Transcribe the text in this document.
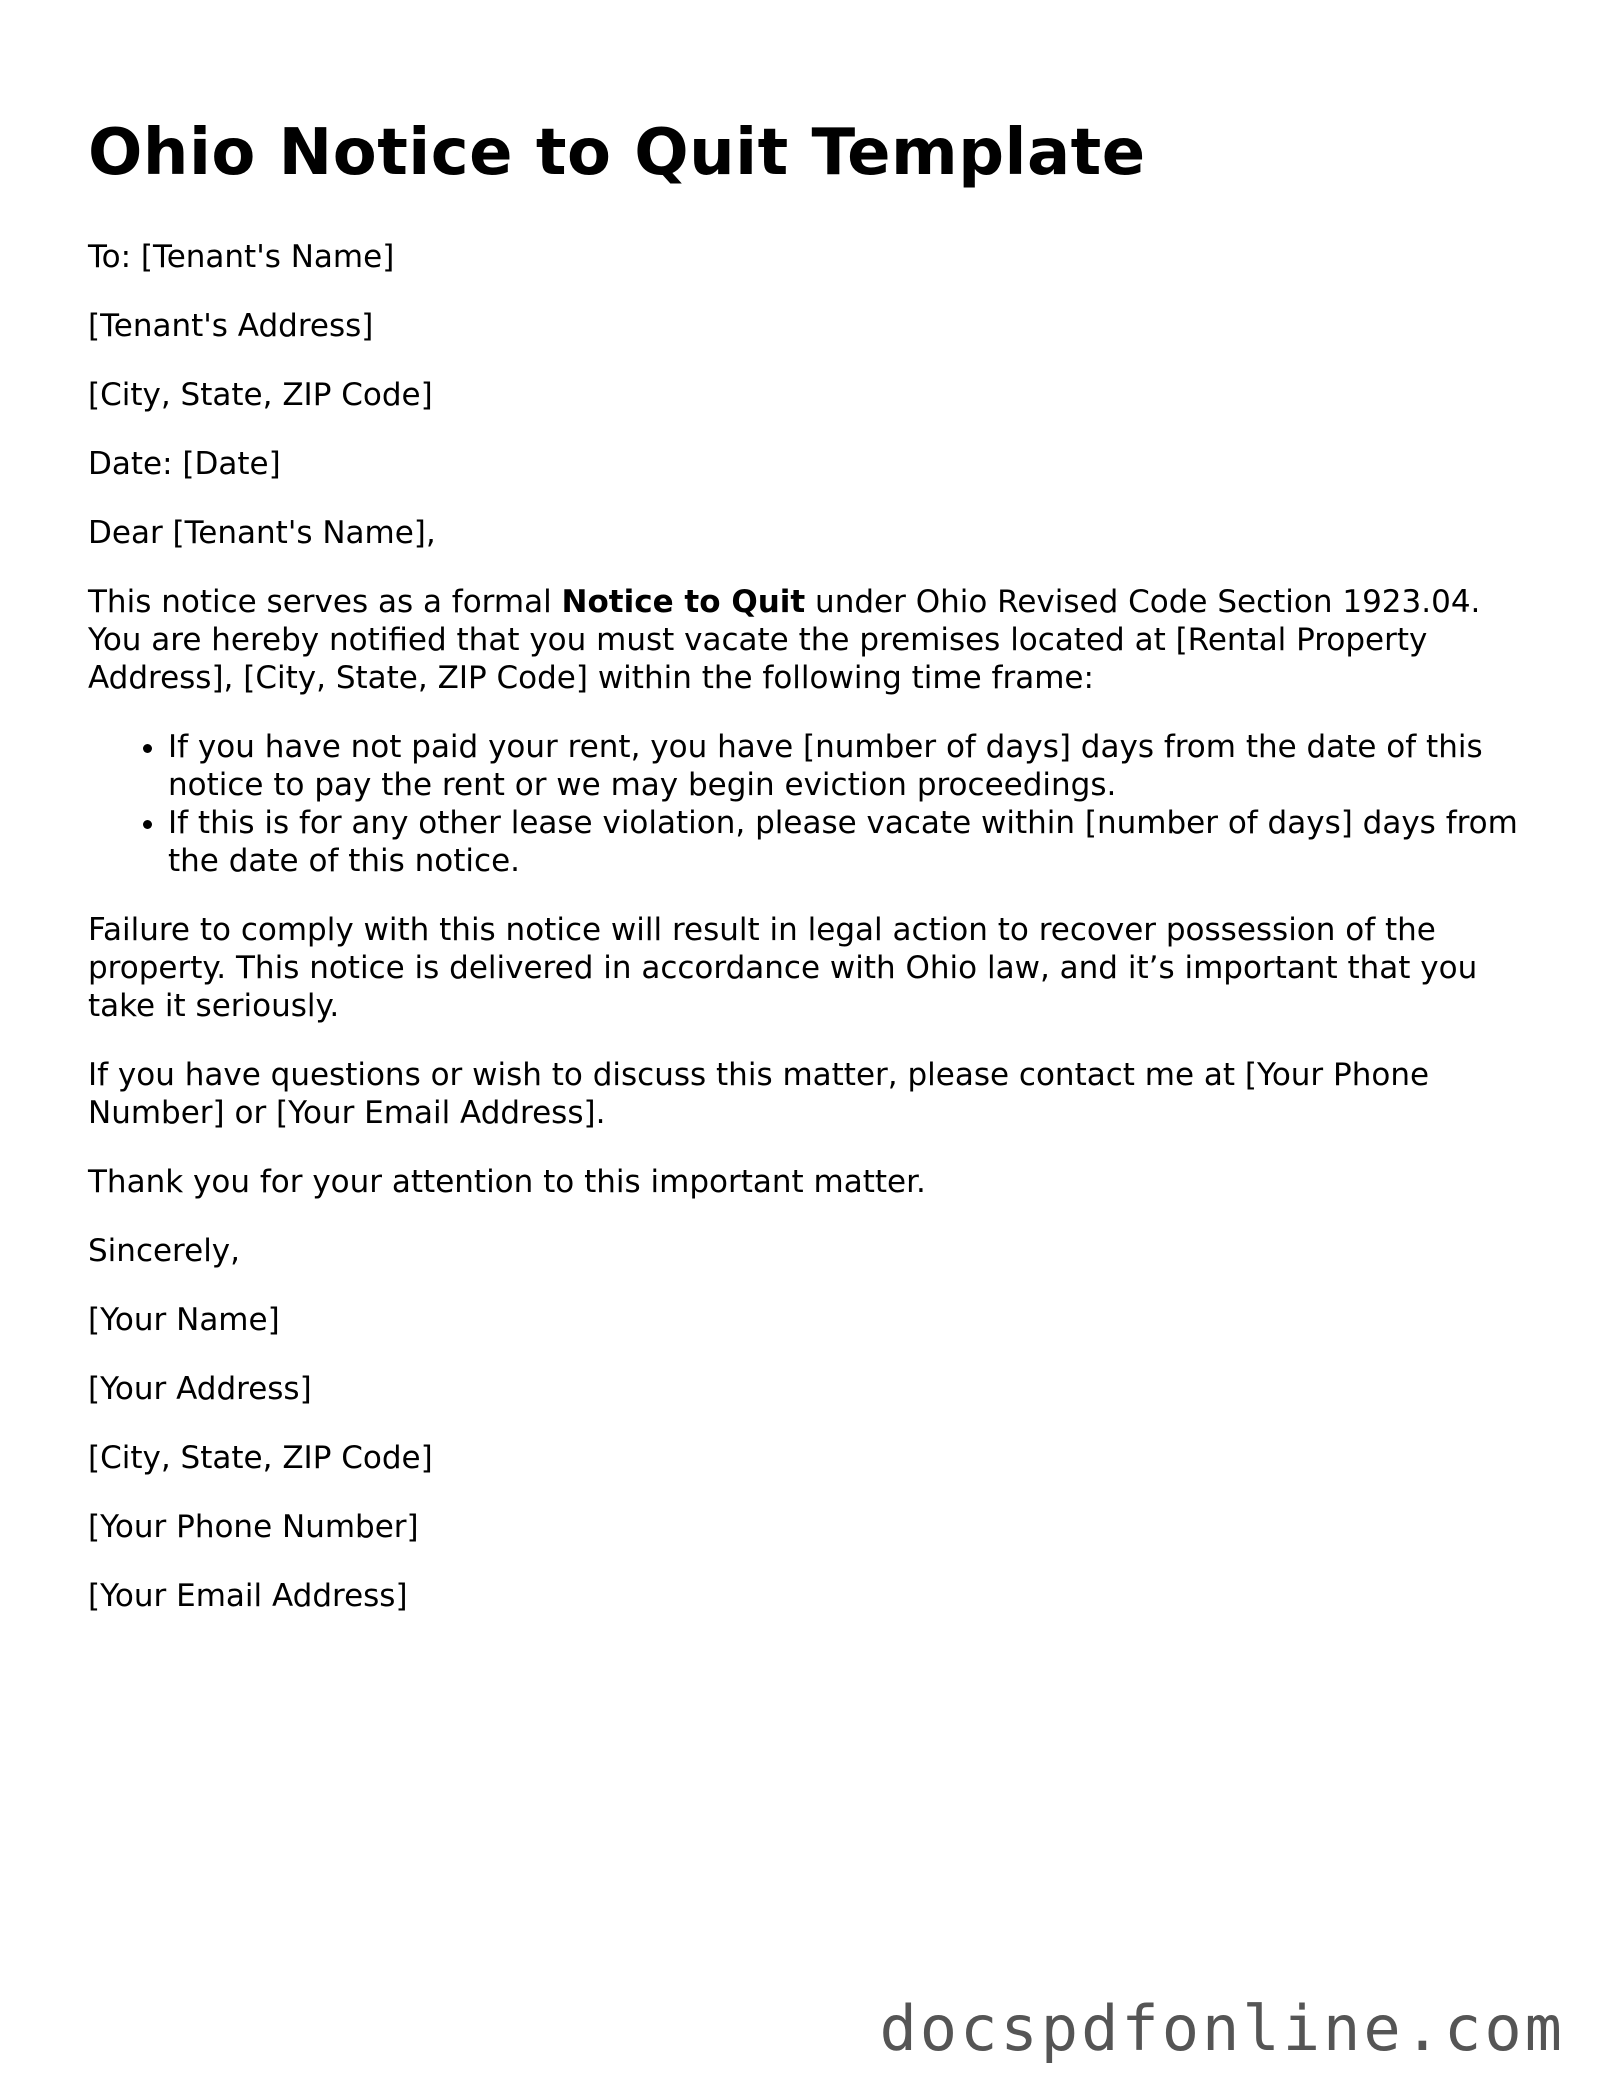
Ohio Notice to Quit Template

To: [Tenant's Name]

[Tenant's Address]

[City, State, ZIP Code]

Date: [Date]

Dear [Tenant's Name],

This notice serves as a formal Notice to Quit under Ohio Revised Code Section 1923.04. You are hereby notified that you must vacate the premises located at [Rental Property Address], [City, State, ZIP Code] within the following time frame:

• If you have not paid your rent, you have [number of days] days from the date of this notice to pay the rent or we may begin eviction proceedings.
• If this is for any other lease violation, please vacate within [number of days] days from the date of this notice.

Failure to comply with this notice will result in legal action to recover possession of the property. This notice is delivered in accordance with Ohio law, and it’s important that you take it seriously.

If you have questions or wish to discuss this matter, please contact me at [Your Phone Number] or [Your Email Address].

Thank you for your attention to this important matter.

Sincerely,

[Your Name]

[Your Address]

[City, State, ZIP Code]

[Your Phone Number]

[Your Email Address]

docspdfonline.com
